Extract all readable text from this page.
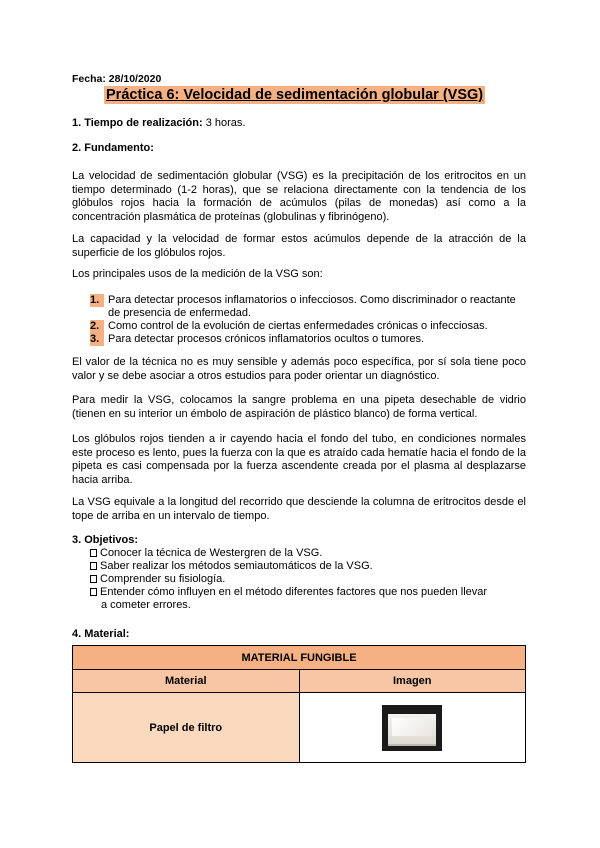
Fecha: 28/10/2020
Práctica 6: Velocidad de sedimentación globular (VSG)
1. Tiempo de realización: 3 horas.
2. Fundamento:
La velocidad de sedimentación globular (VSG) es la precipitación de los eritrocitos en un tiempo determinado (1-2 horas), que se relaciona directamente con la tendencia de los glóbulos rojos hacia la formación de acúmulos (pilas de monedas) así como a la concentración plasmática de proteínas (globulinas y fibrinógeno).
La capacidad y la velocidad de formar estos acúmulos depende de la atracción de la superficie de los glóbulos rojos.
Los principales usos de la medición de la VSG son:
1. Para detectar procesos inflamatorios o infecciosos. Como discriminador o reactante
de presencia de enfermedad.
2. Como control de la evolución de ciertas enfermedades crónicas o infecciosas.
3. Para detectar procesos crónicos inflamatorios ocultos o tumores.
El valor de la técnica no es muy sensible y además poco específica, por sí sola tiene poco valor y se debe asociar a otros estudios para poder orientar un diagnóstico.
Para medir la VSG, colocamos la sangre problema en una pipeta desechable de vidrio (tienen en su interior un émbolo de aspiración de plástico blanco) de forma vertical.
Los glóbulos rojos tienden a ir cayendo hacia el fondo del tubo, en condiciones normales este proceso es lento, pues la fuerza con la que es atraído cada hematíe hacia el fondo de la pipeta es casi compensada por la fuerza ascendente creada por el plasma al desplazarse hacia arriba.
La VSG equivale a la longitud del recorrido que desciende la columna de eritrocitos desde el tope de arriba en un intervalo de tiempo.
3. Objetivos:
Conocer la técnica de Westergren de la VSG.
Saber realizar los métodos semiautomáticos de la VSG.
Comprender su fisiología.
Entender cómo influyen en el método diferentes factores que nos pueden llevar
a cometer errores.
4. Material:
MATERIAL FUNGIBLE	
Material	Imagen
Papel de filtro	
